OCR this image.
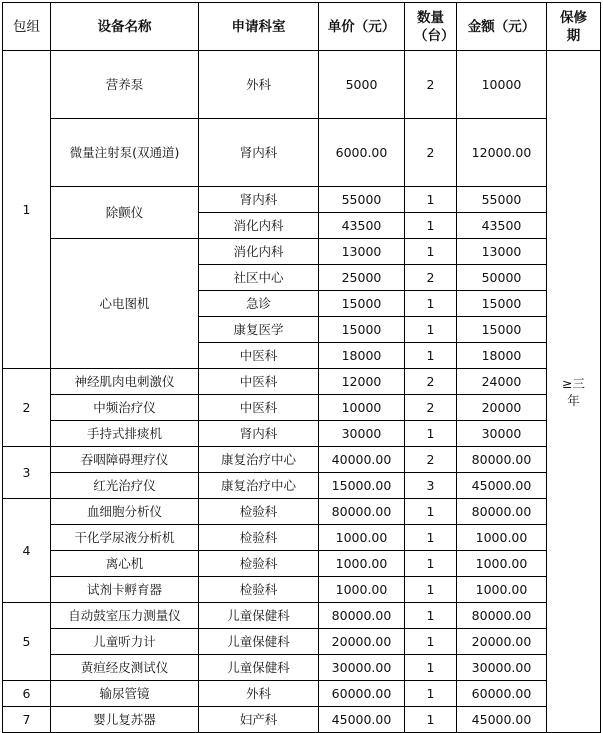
包组	设备名称	申请科室	单价（元）	数量（台）	金额（元）	保修期
1	营养泵	外科	5000	2	10000	≥三年
	微量注射泵(双通道)	肾内科	6000.00	2	12000.00	
	除颤仪	肾内科	55000	1	55000	
		消化内科	43500	1	43500	
	心电图机	消化内科	13000	1	13000	
		社区中心	25000	2	50000	
		急诊	15000	1	15000	
		康复医学	15000	1	15000	
		中医科	18000	1	18000	
2	神经肌肉电刺激仪	中医科	12000	2	24000	
	中频治疗仪	中医科	10000	2	20000	
	手持式排痰机	肾内科	30000	1	30000	
3	吞咽障碍理疗仪	康复治疗中心	40000.00	2	80000.00	
	红光治疗仪	康复治疗中心	15000.00	3	45000.00	
4	血细胞分析仪	检验科	80000.00	1	80000.00	
	干化学尿液分析机	检验科	1000.00	1	1000.00	
	离心机	检验科	1000.00	1	1000.00	
	试剂卡孵育器	检验科	1000.00	1	1000.00	
5	自动鼓室压力测量仪	儿童保健科	80000.00	1	80000.00	
	儿童听力计	儿童保健科	20000.00	1	20000.00	
	黄疸经皮测试仪	儿童保健科	30000.00	1	30000.00	
6	输尿管镜	外科	60000.00	1	60000.00	
7	婴儿复苏器	妇产科	45000.00	1	45000.00	
